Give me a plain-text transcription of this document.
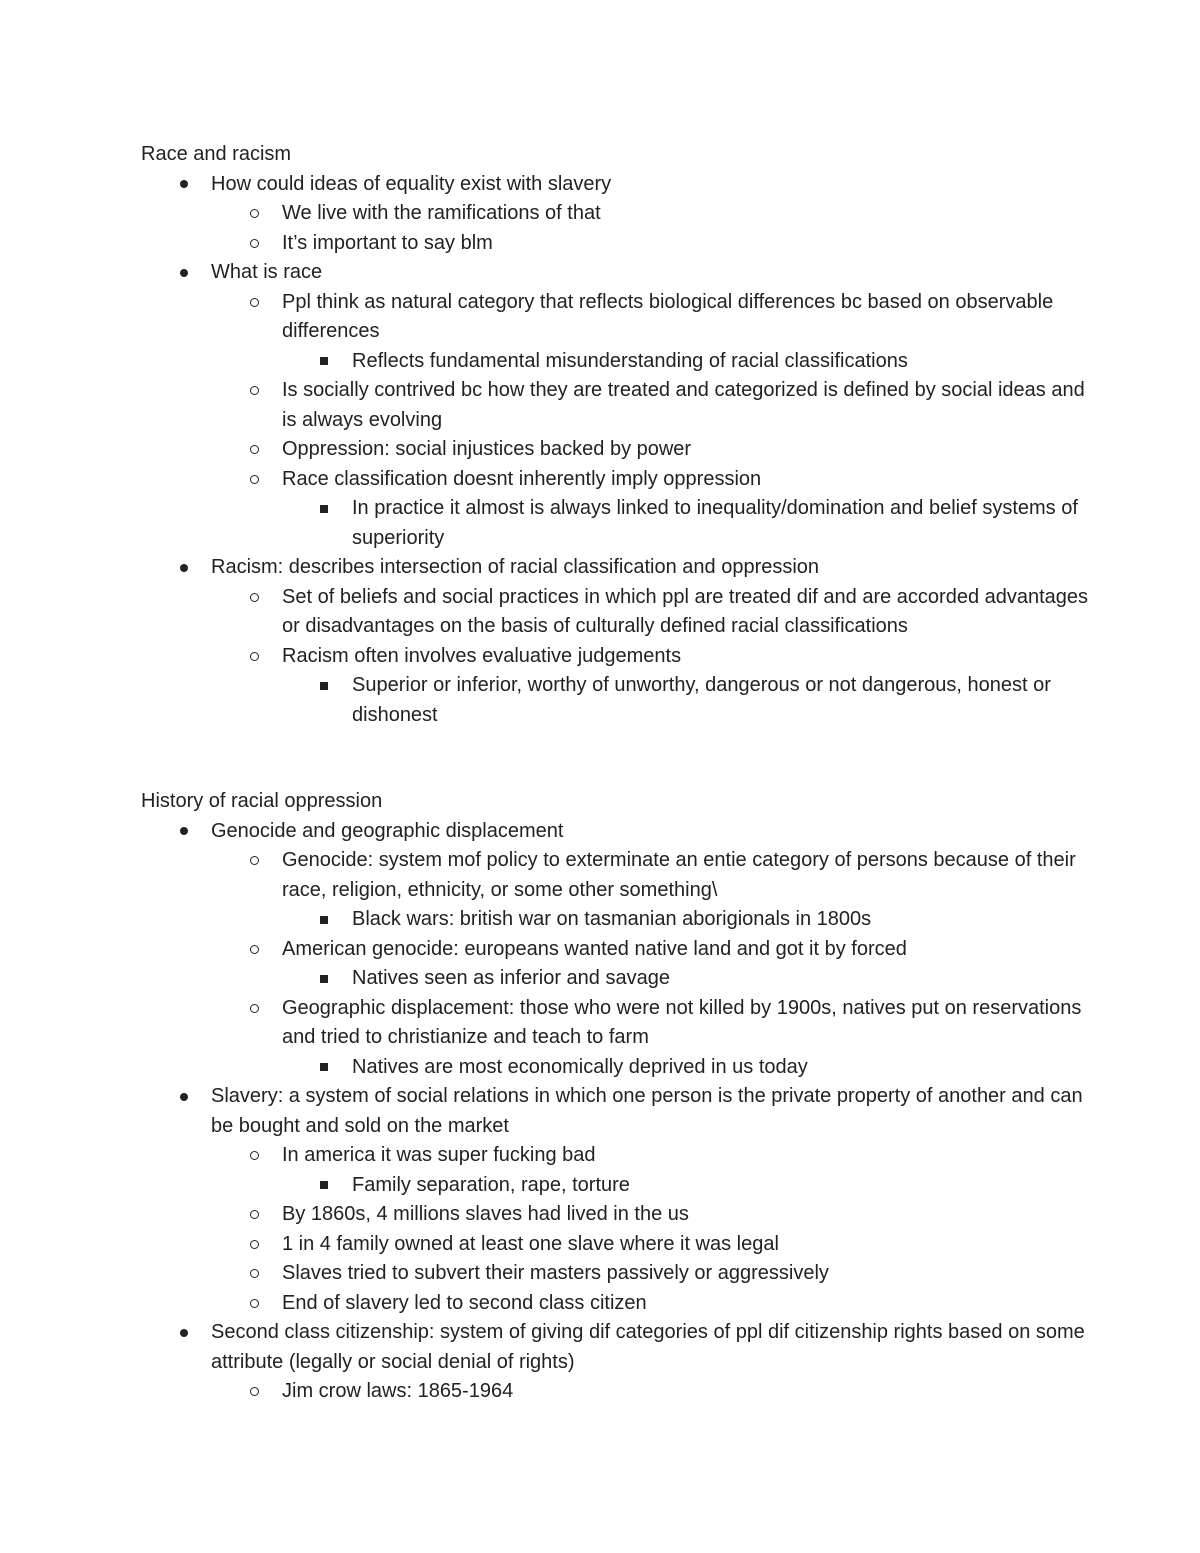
Race and racism

How could ideas of equality exist with slavery
We live with the ramifications of that
It’s important to say blm
What is race
Ppl think as natural category that reflects biological differences bc based on observable differences
Reflects fundamental misunderstanding of racial classifications
Is socially contrived bc how they are treated and categorized is defined by social ideas and is always evolving
Oppression: social injustices backed by power
Race classification doesnt inherently imply oppression
In practice it almost is always linked to inequality/domination and belief systems of superiority
Racism: describes intersection of racial classification and oppression
Set of beliefs and social practices in which ppl are treated dif and are accorded advantages or disadvantages on the basis of culturally defined racial classifications
Racism often involves evaluative judgements
Superior or inferior, worthy of unworthy, dangerous or not dangerous, honest or dishonest

History of racial oppression

Genocide and geographic displacement
Genocide: system mof policy to exterminate an entie category of persons because of their race, religion, ethnicity, or some other something\
Black wars: british war on tasmanian aborigionals in 1800s
American genocide: europeans wanted native land and got it by forced
Natives seen as inferior and savage
Geographic displacement: those who were not killed by 1900s, natives put on reservations and tried to christianize and teach to farm
Natives are most economically deprived in us today
Slavery: a system of social relations in which one person is the private property of another and can be bought and sold on the market
In america it was super fucking bad
Family separation, rape, torture
By 1860s, 4 millions slaves had lived in the us
1 in 4 family owned at least one slave where it was legal
Slaves tried to subvert their masters passively or aggressively
End of slavery led to second class citizen
Second class citizenship: system of giving dif categories of ppl dif citizenship rights based on some attribute (legally or social denial of rights)
Jim crow laws: 1865-1964
